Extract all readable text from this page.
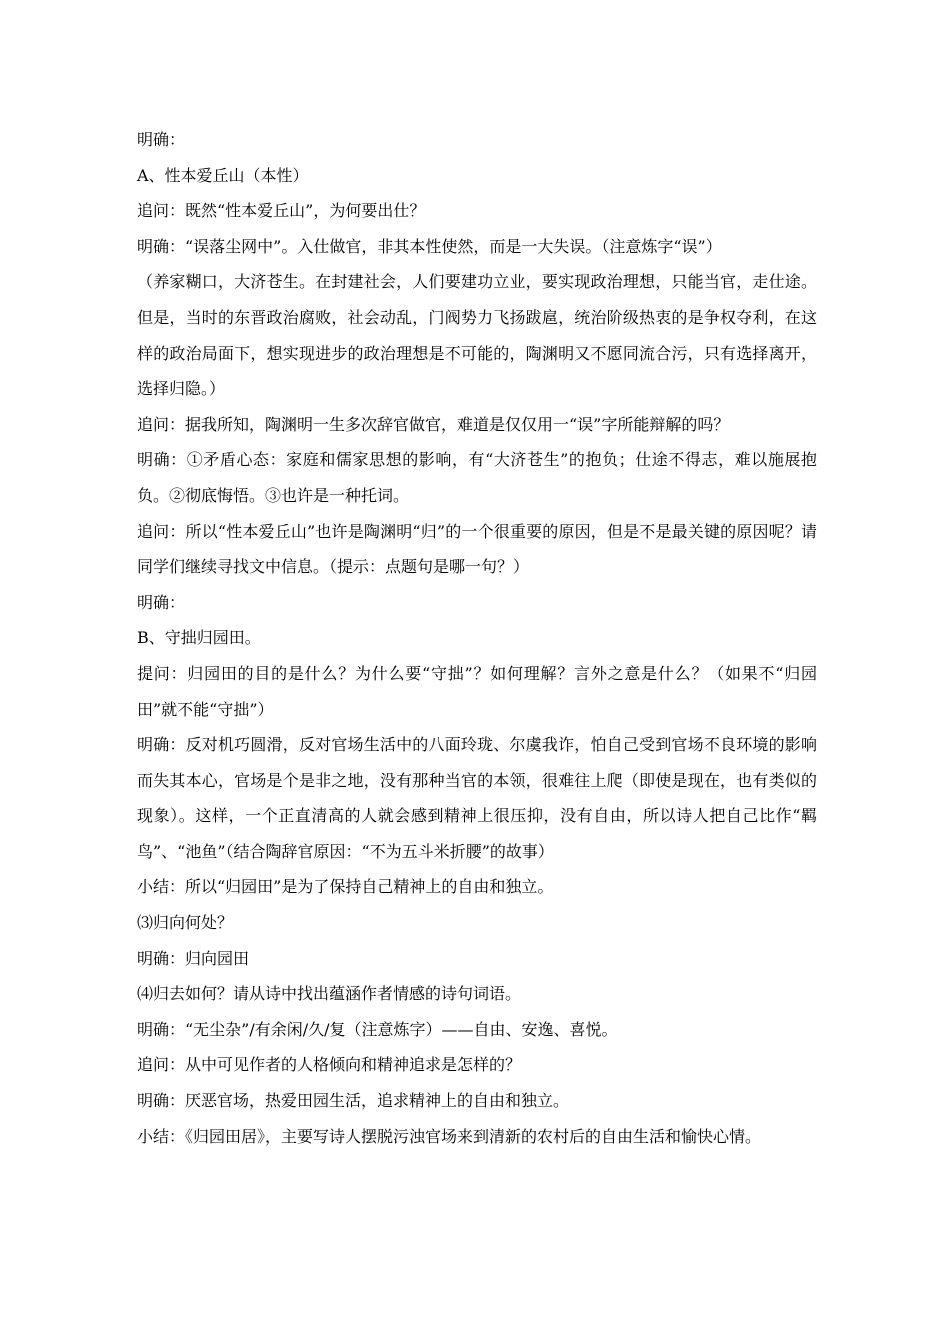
明确：

A、性本爱丘山（本性）

追问：既然“性本爱丘山”，为何要出仕？

明确：“误落尘网中”。入仕做官，非其本性使然，而是一大失误。（注意炼字“误”）

（养家糊口，大济苍生。在封建社会，人们要建功立业，要实现政治理想，只能当官，走仕途。但是，当时的东晋政治腐败，社会动乱，门阀势力飞扬跋扈，统治阶级热衷的是争权夺利，在这样的政治局面下，想实现进步的政治理想是不可能的，陶渊明又不愿同流合污，只有选择离开，选择归隐。）

追问：据我所知，陶渊明一生多次辞官做官，难道是仅仅用一“误”字所能辩解的吗？

明确：①矛盾心态：家庭和儒家思想的影响，有“大济苍生”的抱负；仕途不得志，难以施展抱负。②彻底悔悟。③也许是一种托词。

追问：所以“性本爱丘山”也许是陶渊明“归”的一个很重要的原因，但是不是最关键的原因呢？请同学们继续寻找文中信息。（提示：点题句是哪一句？）

明确：

B、守拙归园田。

提问：归园田的目的是什么？为什么要“守拙”？如何理解？言外之意是什么？（如果不“归园田”就不能“守拙”）

明确：反对机巧圆滑，反对官场生活中的八面玲珑、尔虞我诈，怕自己受到官场不良环境的影响而失其本心，官场是个是非之地，没有那种当官的本领，很难往上爬（即使是现在，也有类似的现象）。这样，一个正直清高的人就会感到精神上很压抑，没有自由，所以诗人把自己比作“羁鸟”、“池鱼”（结合陶辞官原因：“不为五斗米折腰”的故事）

小结：所以“归园田”是为了保持自己精神上的自由和独立。

⑶归向何处？

明确：归向园田

⑷归去如何？请从诗中找出蕴涵作者情感的诗句词语。

明确：“无尘杂”/有余闲/久/复（注意炼字）——自由、安逸、喜悦。

追问：从中可见作者的人格倾向和精神追求是怎样的？

明确：厌恶官场，热爱田园生活，追求精神上的自由和独立。

小结：《归园田居》，主要写诗人摆脱污浊官场来到清新的农村后的自由生活和愉快心情。
